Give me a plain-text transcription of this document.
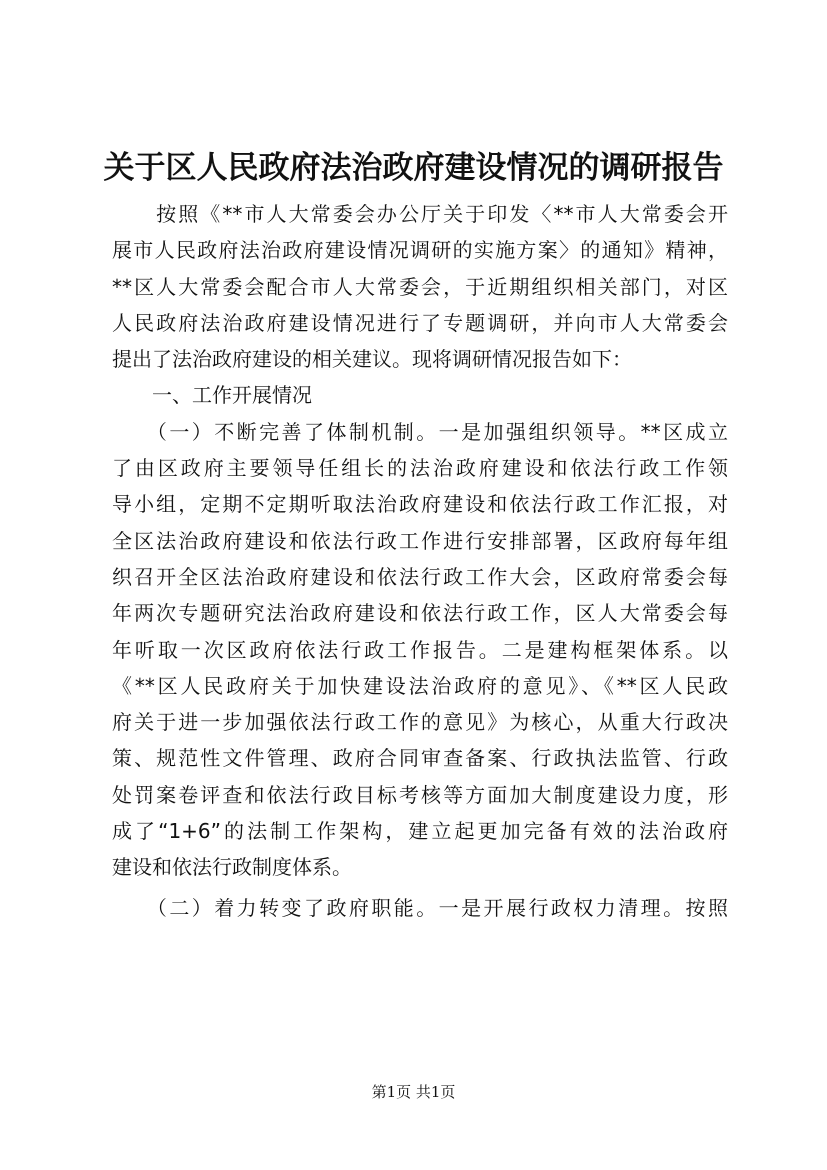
关于区人民政府法治政府建设情况的调研报告
　　按照《**市人大常委会办公厅关于印发〈**市人大常委会开
展市人民政府法治政府建设情况调研的实施方案〉的通知》精神，
**区人大常委会配合市人大常委会，于近期组织相关部门，对区
人民政府法治政府建设情况进行了专题调研，并向市人大常委会
提出了法治政府建设的相关建议。现将调研情况报告如下：
　　一、工作开展情况
　　（一）不断完善了体制机制。一是加强组织领导。**区成立
了由区政府主要领导任组长的法治政府建设和依法行政工作领
导小组，定期不定期听取法治政府建设和依法行政工作汇报，对
全区法治政府建设和依法行政工作进行安排部署，区政府每年组
织召开全区法治政府建设和依法行政工作大会，区政府常委会每
年两次专题研究法治政府建设和依法行政工作，区人大常委会每
年听取一次区政府依法行政工作报告。二是建构框架体系。以
《**区人民政府关于加快建设法治政府的意见》、《**区人民政
府关于进一步加强依法行政工作的意见》为核心，从重大行政决
策、规范性文件管理、政府合同审查备案、行政执法监管、行政
处罚案卷评查和依法行政目标考核等方面加大制度建设力度，形
成了“1+6”的法制工作架构，建立起更加完备有效的法治政府
建设和依法行政制度体系。
　　（二）着力转变了政府职能。一是开展行政权力清理。按照
第1页 共1页
